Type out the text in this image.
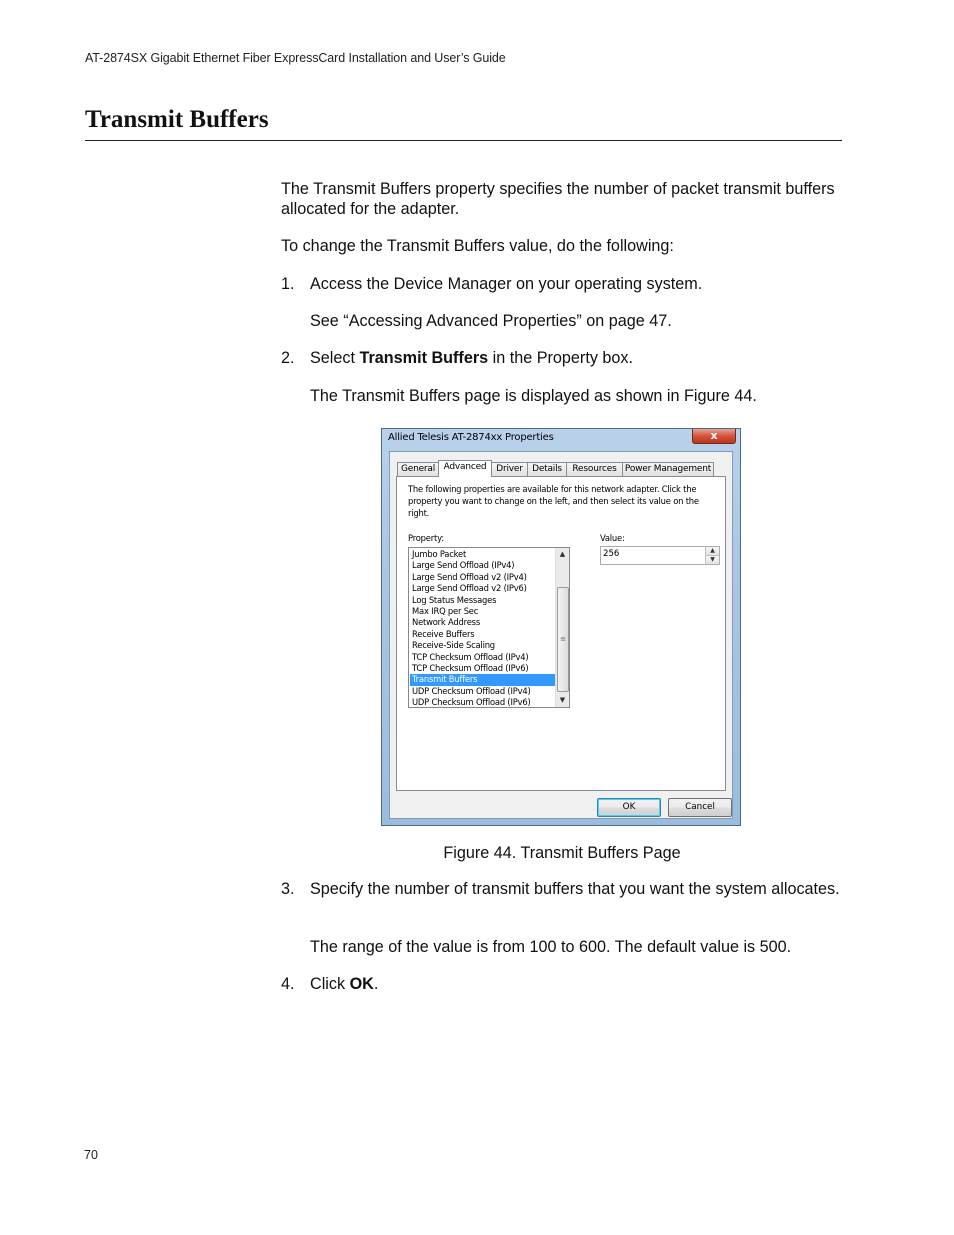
AT-2874SX Gigabit Ethernet Fiber ExpressCard Installation and User’s Guide
Transmit Buffers
The Transmit Buffers property specifies the number of packet transmit buffers allocated for the adapter.
To change the Transmit Buffers value, do the following:
1. Access the Device Manager on your operating system.
See “Accessing Advanced Properties” on page 47.
2. Select Transmit Buffers in the Property box.
The Transmit Buffers page is displayed as shown in Figure 44.
Allied Telesis AT-2874xx Properties	x
General Advanced	Driver	Details	Resources Power Management
The following properties are available for this network adapter. Click the property you want to change on the left, and then select its value on the right.
Property:	Value:
Jumbo Packet
Large Send Offload (IPv4)
Large Send Offload v2 (IPv4)
Large Send Offload v2 (IPv6)
Log Status Messages
Max IRQ per Sec
Network Address
Receive Buffers
Receive-Side Scaling
TCP Checksum Offload (IPv4)
TCP Checksum Offload (IPv6)
Transmit Buffers
UDP Checksum Offload (IPv4)
UDP Checksum Offload (IPv6)
▲
≡
▼
256	▲
▼
OK	Cancel
Figure 44. Transmit Buffers Page
3. Specify the number of transmit buffers that you want the system allocates.
The range of the value is from 100 to 600. The default value is 500.
4. Click OK.
70
